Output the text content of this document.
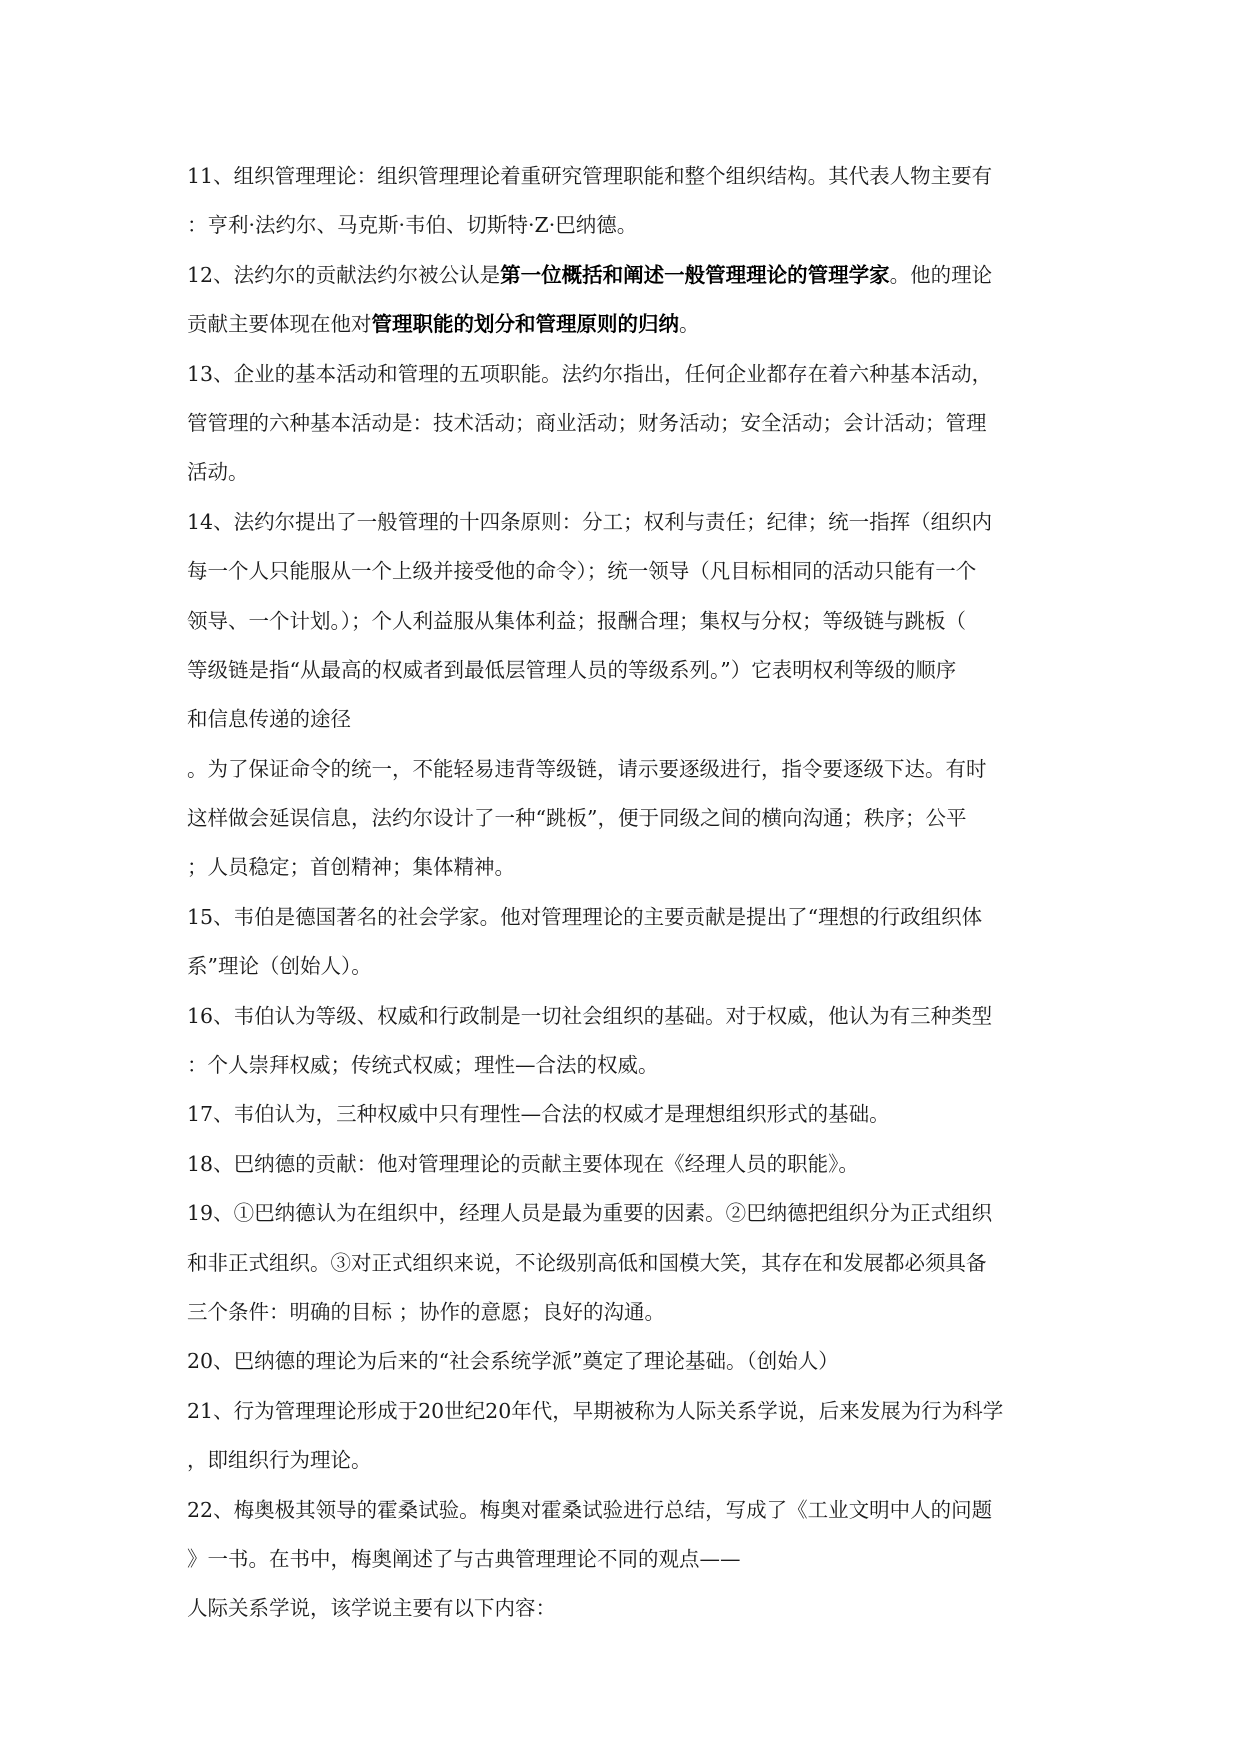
11、组织管理理论：组织管理理论着重研究管理职能和整个组织结构。其代表人物主要有
：亨利·法约尔、马克斯·韦伯、切斯特·Z·巴纳德。
12、法约尔的贡献法约尔被公认是第一位概括和阐述一般管理理论的管理学家。他的理论
贡献主要体现在他对管理职能的划分和管理原则的归纳。
13、企业的基本活动和管理的五项职能。法约尔指出，任何企业都存在着六种基本活动，
管管理的六种基本活动是：技术活动；商业活动；财务活动；安全活动；会计活动；管理
活动。
14、法约尔提出了一般管理的十四条原则：分工；权利与责任；纪律；统一指挥（组织内
每一个人只能服从一个上级并接受他的命令）；统一领导（凡目标相同的活动只能有一个
领导、一个计划。）；个人利益服从集体利益；报酬合理；集权与分权；等级链与跳板（
等级链是指“从最高的权威者到最低层管理人员的等级系列。”）它表明权利等级的顺序
和信息传递的途径
。为了保证命令的统一，不能轻易违背等级链，请示要逐级进行，指令要逐级下达。有时
这样做会延误信息，法约尔设计了一种“跳板”，便于同级之间的横向沟通；秩序；公平
；人员稳定；首创精神；集体精神。
15、韦伯是德国著名的社会学家。他对管理理论的主要贡献是提出了“理想的行政组织体
系”理论（创始人）。
16、韦伯认为等级、权威和行政制是一切社会组织的基础。对于权威，他认为有三种类型
：个人崇拜权威；传统式权威；理性—合法的权威。
17、韦伯认为，三种权威中只有理性—合法的权威才是理想组织形式的基础。
18、巴纳德的贡献：他对管理理论的贡献主要体现在《经理人员的职能》。
19、①巴纳德认为在组织中，经理人员是最为重要的因素。②巴纳德把组织分为正式组织
和非正式组织。③对正式组织来说，不论级别高低和国模大笑，其存在和发展都必须具备
三个条件：明确的目标 ；协作的意愿；良好的沟通。
20、巴纳德的理论为后来的“社会系统学派”奠定了理论基础。（创始人）
21、行为管理理论形成于20世纪20年代，早期被称为人际关系学说，后来发展为行为科学
，即组织行为理论。
22、梅奥极其领导的霍桑试验。梅奥对霍桑试验进行总结，写成了《工业文明中人的问题
》一书。在书中，梅奥阐述了与古典管理理论不同的观点——
人际关系学说，该学说主要有以下内容：
